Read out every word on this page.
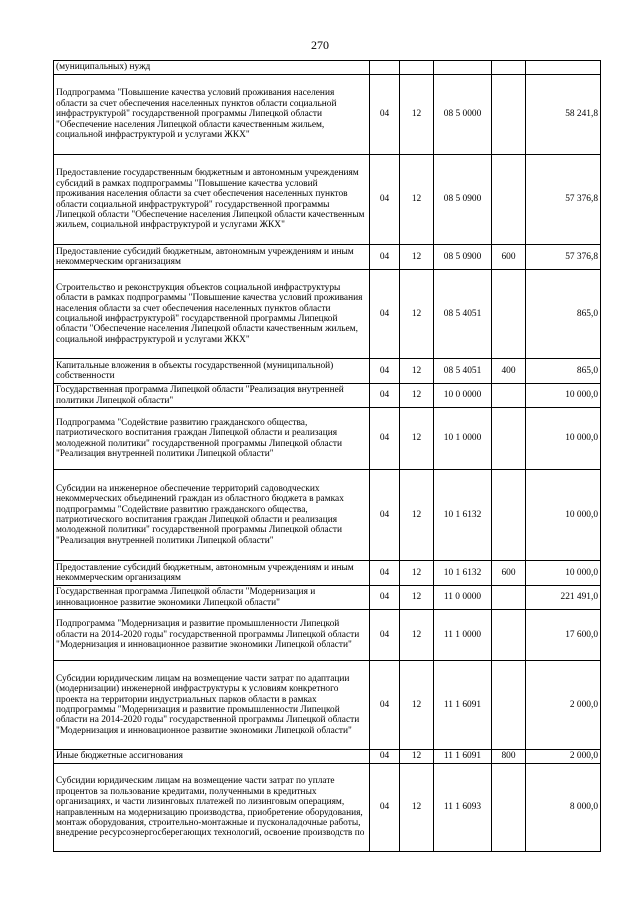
270
(муниципальных) нужд					
Подпрограмма "Повышение качества условий проживания населения области за счет обеспечения населенных пунктов области социальной инфраструктурой" государственной программы Липецкой области "Обеспечение населения Липецкой области качественным жильем, социальной инфраструктурой и услугами ЖКХ"	04	12	08 5 0000		58 241,8
Предоставление государственным бюджетным и автономным учреждениям субсидий в рамках подпрограммы "Повышение качества условий проживания населения области за счет обеспечения населенных пунктов области социальной инфраструктурой" государственной программы Липецкой области "Обеспечение населения Липецкой области качественным жильем, социальной инфраструктурой и услугами ЖКХ"	04	12	08 5 0900		57 376,8
Предоставление субсидий бюджетным, автономным учреждениям и иным некоммерческим организациям	04	12	08 5 0900	600	57 376,8
Строительство и реконструкция объектов социальной инфраструктуры области в рамках подпрограммы "Повышение качества условий проживания населения области за счет обеспечения населенных пунктов области социальной инфраструктурой" государственной программы Липецкой области "Обеспечение населения Липецкой области качественным жильем, социальной инфраструктурой и услугами ЖКХ"	04	12	08 5 4051		865,0
Капитальные вложения в объекты государственной (муниципальной) собственности	04	12	08 5 4051	400	865,0
Государственная программа Липецкой области "Реализация внутренней политики Липецкой области"	04	12	10 0 0000		10 000,0
Подпрограмма "Содействие развитию гражданского общества, патриотического воспитания граждан Липецкой области и реализация молодежной политики" государственной программы Липецкой области "Реализация внутренней политики Липецкой области"	04	12	10 1 0000		10 000,0
Субсидии на инженерное обеспечение территорий садоводческих некоммерческих объединений граждан из областного бюджета в рамках подпрограммы "Содействие развитию гражданского общества, патриотического воспитания граждан Липецкой области и реализация молодежной политики" государственной программы Липецкой области "Реализация внутренней политики Липецкой области"	04	12	10 1 6132		10 000,0
Предоставление субсидий бюджетным, автономным учреждениям и иным некоммерческим организациям	04	12	10 1 6132	600	10 000,0
Государственная программа Липецкой области "Модернизация и инновационное развитие экономики Липецкой области"	04	12	11 0 0000		221 491,0
Подпрограмма "Модернизация и развитие промышленности Липецкой области на 2014-2020 годы" государственной программы Липецкой области "Модернизация и инновационное развитие экономики Липецкой области"	04	12	11 1 0000		17 600,0
Субсидии юридическим лицам на возмещение части затрат по адаптации (модернизации) инженерной инфраструктуры к условиям конкретного проекта на территории индустриальных парков области в рамках подпрограммы "Модернизация и развитие промышленности Липецкой области на 2014-2020 годы" государственной программы Липецкой области "Модернизация и инновационное развитие экономики Липецкой области"	04	12	11 1 6091		2 000,0
Иные бюджетные ассигнования	04	12	11 1 6091	800	2 000,0
Субсидии юридическим лицам на возмещение части затрат по уплате процентов за пользование кредитами, полученными в кредитных организациях, и части лизинговых платежей по лизинговым операциям, направленным на модернизацию производства, приобретение оборудования, монтаж оборудования, строительно-монтажные и пусконаладочные работы, внедрение ресурсоэнергосберегающих технологий, освоение производств по	04	12	11 1 6093		8 000,0
